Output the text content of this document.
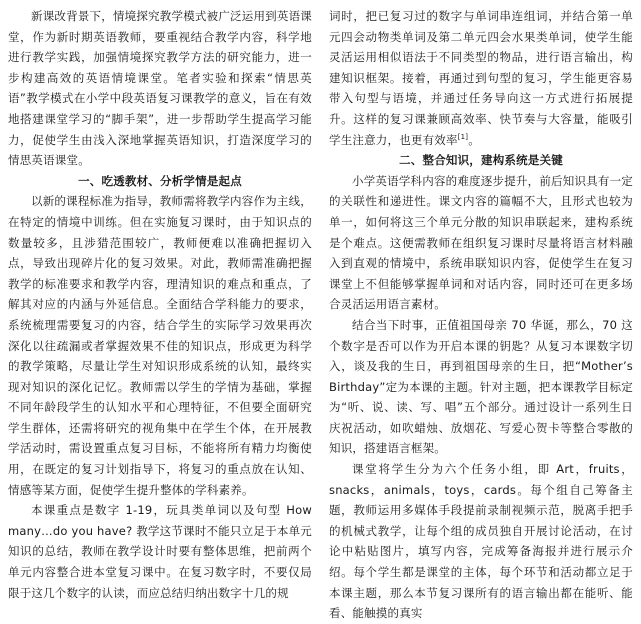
新课改背景下，情境探究教学模式被广泛运用到英语课堂，作为新时期英语教师，要重视结合教学内容，科学地进行教学实践，加强情境探究教学方法的研究能力，进一步构建高效的英语情境课堂。笔者实验和探索“情思英语”教学模式在小学中段英语复习课教学的意义，旨在有效地搭建课堂学习的“脚手架”，进一步帮助学生提高学习能力，促使学生由浅入深地掌握英语知识，打造深度学习的情思英语课堂。

一、吃透教材、分析学情是起点

以新的课程标准为指导，教师需将教学内容作为主线，在特定的情境中训练。但在实施复习课时，由于知识点的数量较多，且涉猎范围较广，教师便难以准确把握切入点，导致出现碎片化的复习效果。对此，教师需准确把握教学的标准要求和教学内容，理清知识的难点和重点，了解其对应的内涵与外延信息。全面结合学科能力的要求，系统梳理需要复习的内容，结合学生的实际学习效果再次深化以往疏漏或者掌握效果不佳的知识点，形成更为科学的教学策略，尽量让学生对知识形成系统的认知，最终实现对知识的深化记忆。教师需以学生的学情为基础，掌握不同年龄段学生的认知水平和心理特征，不但要全面研究学生群体，还需将研究的视角集中在学生个体，在开展教学活动时，需设置重点复习目标，不能将所有精力均衡使用，在既定的复习计划指导下，将复习的重点放在认知、情感等某方面，促使学生提升整体的学科素养。

本课重点是数字 1-19，玩具类单词以及句型 How many…do you have? 教学这节课时不能只立足于本单元知识的总结，教师在教学设计时要有整体思维，把前两个单元内容整合进本堂复习课中。在复习数字时，不要仅局限于这几个数字的认读，而应总结归纳出数字十几的规

词时，把已复习过的数字与单词串连组词，并结合第一单元四会动物类单词及第二单元四会水果类单词，使学生能灵活运用相似语法于不同类型的物品，进行语言输出，构建知识框架。接着，再通过到句型的复习，学生能更容易带入句型与语境，并通过任务导向这一方式进行拓展提升。这样的复习课兼顾高效率、快节奏与大容量，能吸引学生注意力，也更有效率[1]。

二、整合知识，建构系统是关键

小学英语学科内容的难度逐步提升，前后知识具有一定的关联性和递进性。课文内容的篇幅不大，且形式也较为单一，如何将这三个单元分散的知识串联起来，建构系统是个难点。这便需教师在组织复习课时尽量将语言材料融入到直观的情境中，系统串联知识内容，促使学生在复习课堂上不但能够掌握单词和对话内容，同时还可在更多场合灵活运用语言素材。

结合当下时事，正值祖国母亲 70 华诞，那么，70 这个数字是否可以作为开启本课的钥匙？从复习本课数字切入，谈及我的生日，再到祖国母亲的生日，把“Mother’s Birthday”定为本课的主题。针对主题，把本课教学目标定为“听、说、读、写、唱”五个部分。通过设计一系列生日庆祝活动，如吹蜡烛、放烟花、写爱心贺卡等整合零散的知识，搭建语言框架。

课堂将学生分为六个任务小组，即 Art，fruits，snacks，animals，toys，cards。每个组自己筹备主题，教师运用多媒体手段提前录制视频示范，脱离手把手的机械式教学，让每个组的成员独自开展讨论活动，在讨论中粘贴图片，填写内容，完成筹备海报并进行展示介绍。每个学生都是课堂的主体，每个环节和活动都立足于本课主题，那么本节复习课所有的语言输出都在能听、能看、能触摸的真实
